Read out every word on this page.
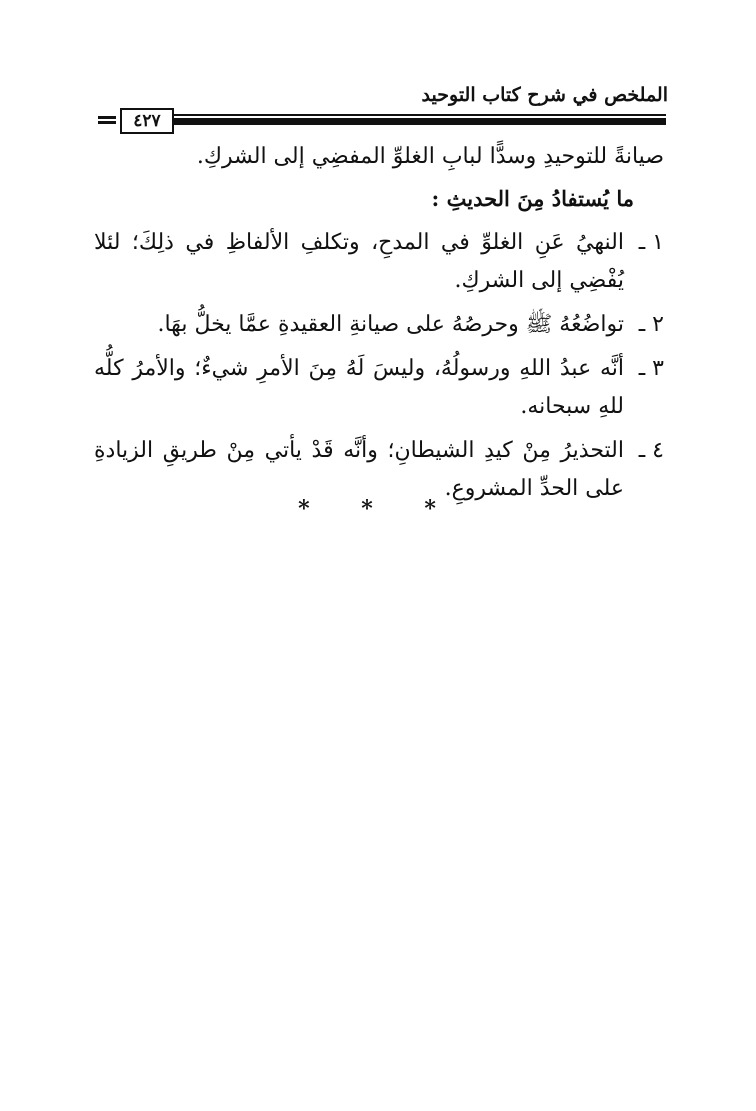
الملخص في شرح كتاب التوحيد
٤٢٧

صيانةً للتوحيدِ وسدًّا لبابِ الغلوِّ المفضِي إلى الشركِ.

ما يُستفادُ مِنَ الحديثِ :

١ ـ
النهيُ عَنِ الغلوِّ في المدحِ، وتكلفِ الألفاظِ في ذلِكَ؛ لئلا يُفْضِي إلى الشركِ.
٢ ـ
تواضُعُهُ ﷺ وحرصُهُ على صيانةِ العقيدةِ عمَّا يخلُّ بهَا.
٣ ـ
أنَّه عبدُ اللهِ ورسولُهُ، وليسَ لَهُ مِنَ الأمرِ شيءٌ؛ والأمرُ كلُّه للهِ سبحانه.
٤ ـ
التحذيرُ مِنْ كيدِ الشيطانِ؛ وأنَّه قَدْ يأتي مِنْ طريقِ الزيادةِ على الحدِّ المشروعِ.
* * *
